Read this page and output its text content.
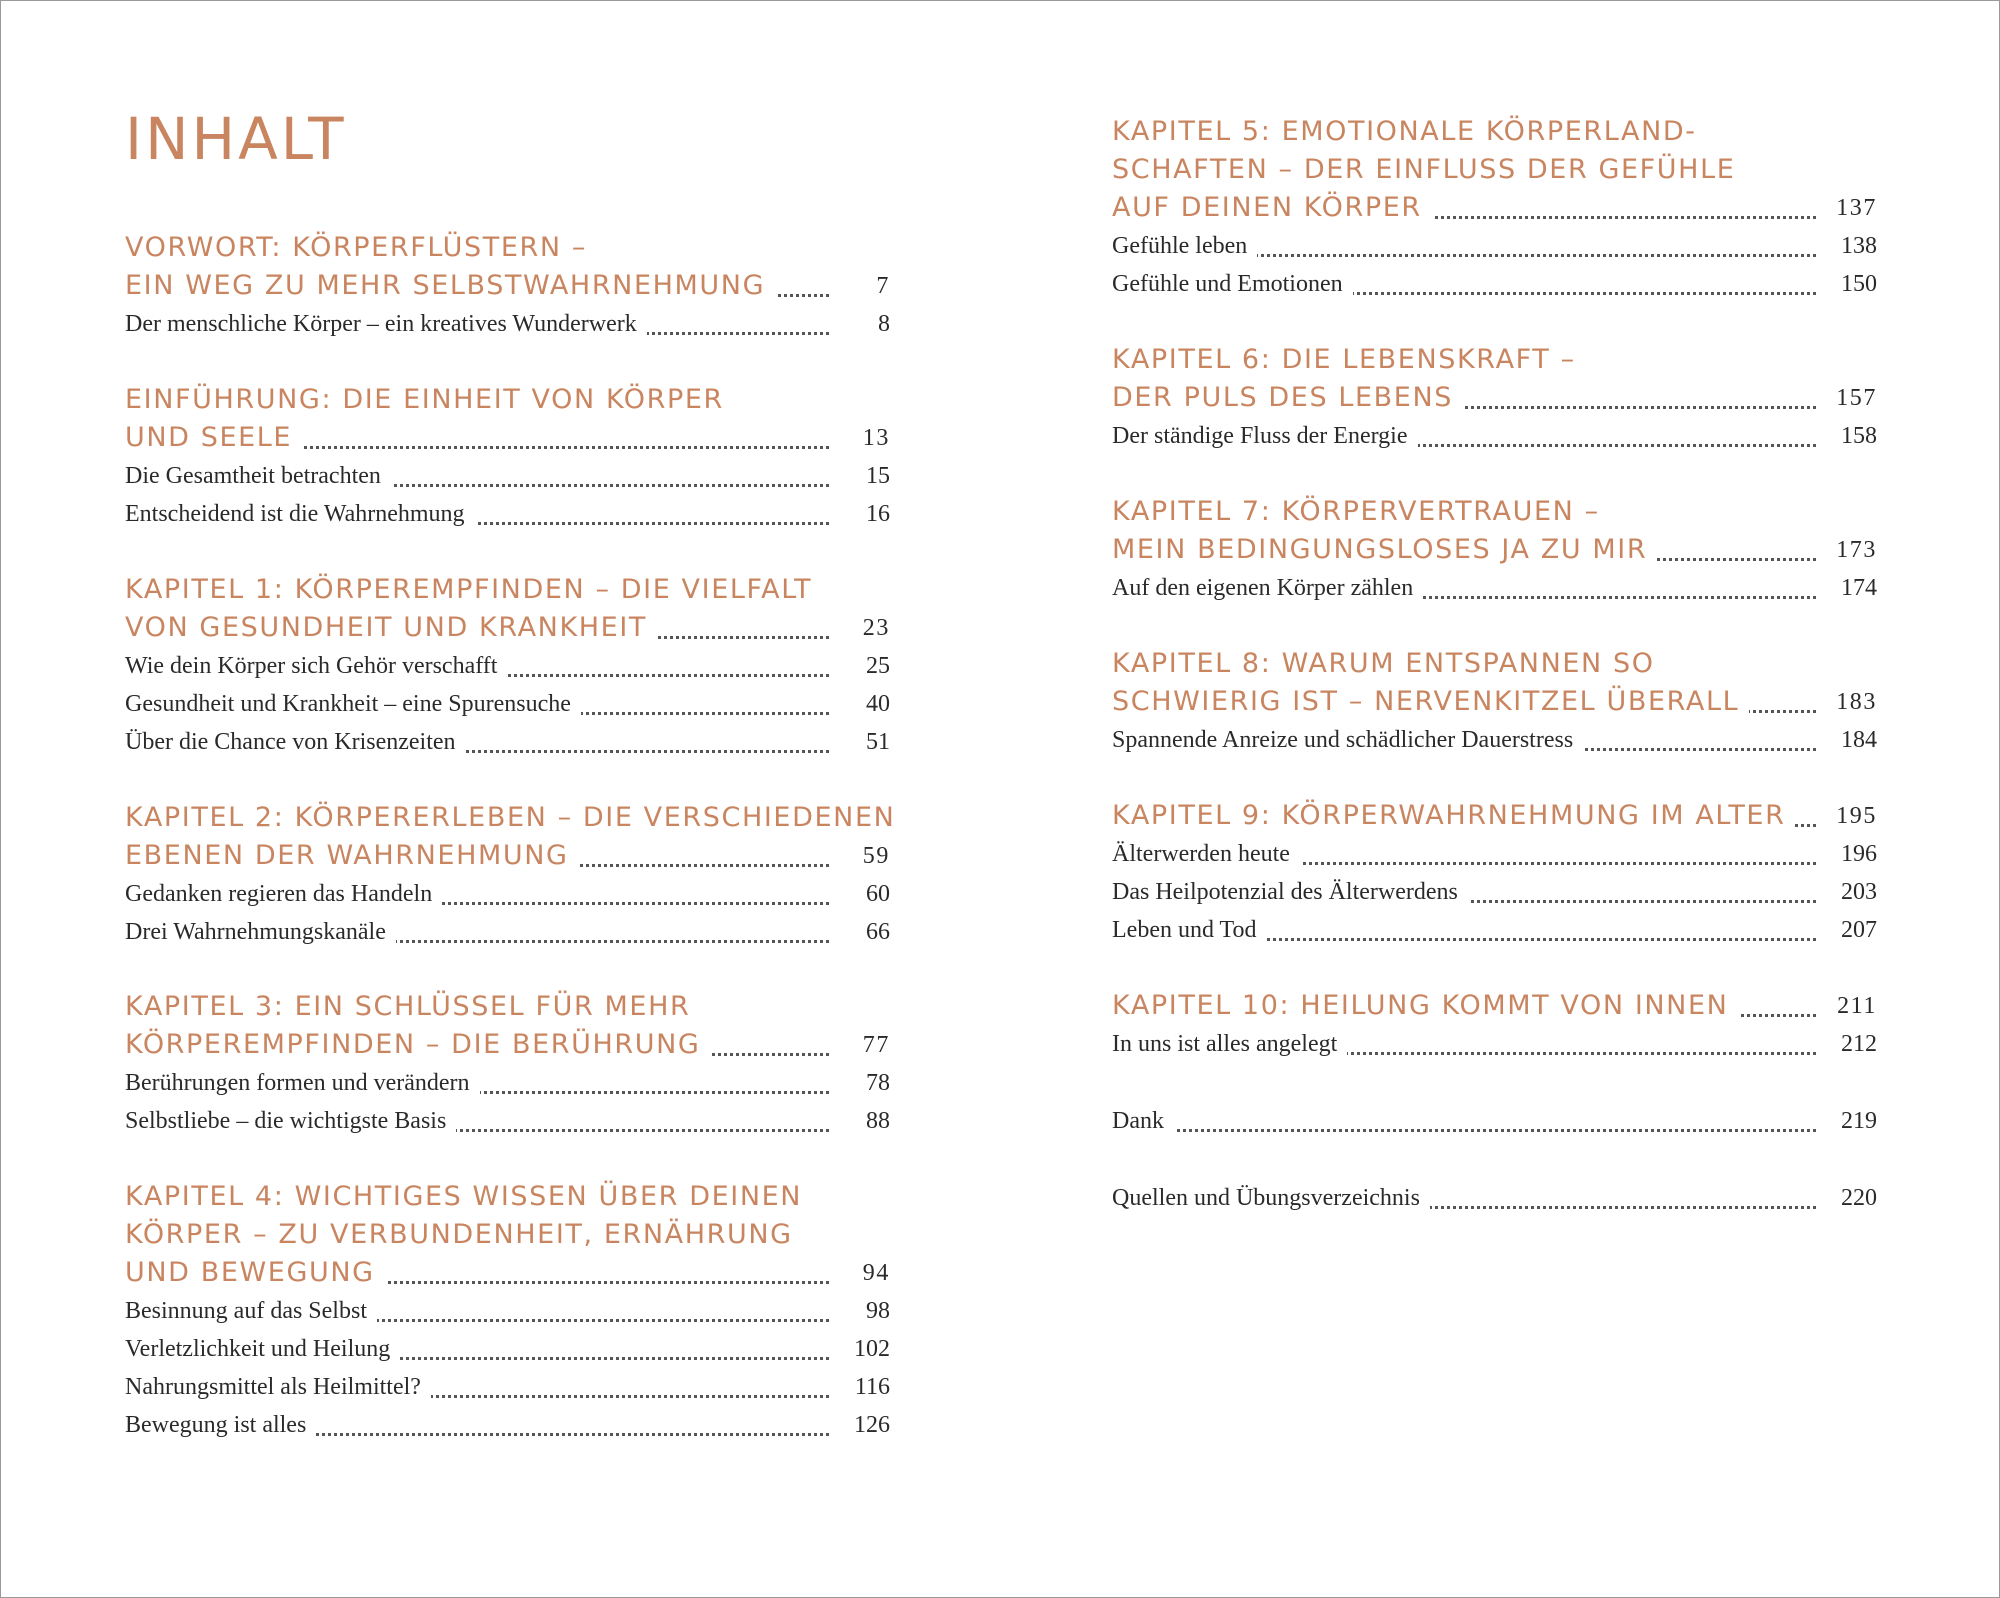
INHALT
VORWORT: KÖRPERFLÜSTERN –
EIN WEG ZU MEHR SELBSTWAHRNEHMUNG	7
Der menschliche Körper – ein kreatives Wunderwerk	8
EINFÜHRUNG: DIE EINHEIT VON KÖRPER
UND SEELE	13
Die Gesamtheit betrachten	15
Entscheidend ist die Wahrnehmung	16
KAPITEL 1: KÖRPEREMPFINDEN – DIE VIELFALT
VON GESUNDHEIT UND KRANKHEIT	23
Wie dein Körper sich Gehör verschafft	25
Gesundheit und Krankheit – eine Spurensuche	40
Über die Chance von Krisenzeiten	51
KAPITEL 2: KÖRPERERLEBEN – DIE VERSCHIEDENEN
EBENEN DER WAHRNEHMUNG	59
Gedanken regieren das Handeln	60
Drei Wahrnehmungskanäle	66
KAPITEL 3: EIN SCHLÜSSEL FÜR MEHR
KÖRPEREMPFINDEN – DIE BERÜHRUNG	77
Berührungen formen und verändern	78
Selbstliebe – die wichtigste Basis	88
KAPITEL 4: WICHTIGES WISSEN ÜBER DEINEN
KÖRPER – ZU VERBUNDENHEIT, ERNÄHRUNG
UND BEWEGUNG	94
Besinnung auf das Selbst	98
Verletzlichkeit und Heilung	102
Nahrungsmittel als Heilmittel?	116
Bewegung ist alles	126
KAPITEL 5: EMOTIONALE KÖRPERLAND-
SCHAFTEN – DER EINFLUSS DER GEFÜHLE
AUF DEINEN KÖRPER	137
Gefühle leben	138
Gefühle und Emotionen	150
KAPITEL 6: DIE LEBENSKRAFT –
DER PULS DES LEBENS	157
Der ständige Fluss der Energie	158
KAPITEL 7: KÖRPERVERTRAUEN –
MEIN BEDINGUNGSLOSES JA ZU MIR	173
Auf den eigenen Körper zählen	174
KAPITEL 8: WARUM ENTSPANNEN SO
SCHWIERIG IST – NERVENKITZEL ÜBERALL	183
Spannende Anreize und schädlicher Dauerstress	184
KAPITEL 9: KÖRPERWAHRNEHMUNG IM ALTER	195
Älterwerden heute	196
Das Heilpotenzial des Älterwerdens	203
Leben und Tod	207
KAPITEL 10: HEILUNG KOMMT VON INNEN	211
In uns ist alles angelegt	212
Dank	219
Quellen und Übungsverzeichnis	220
